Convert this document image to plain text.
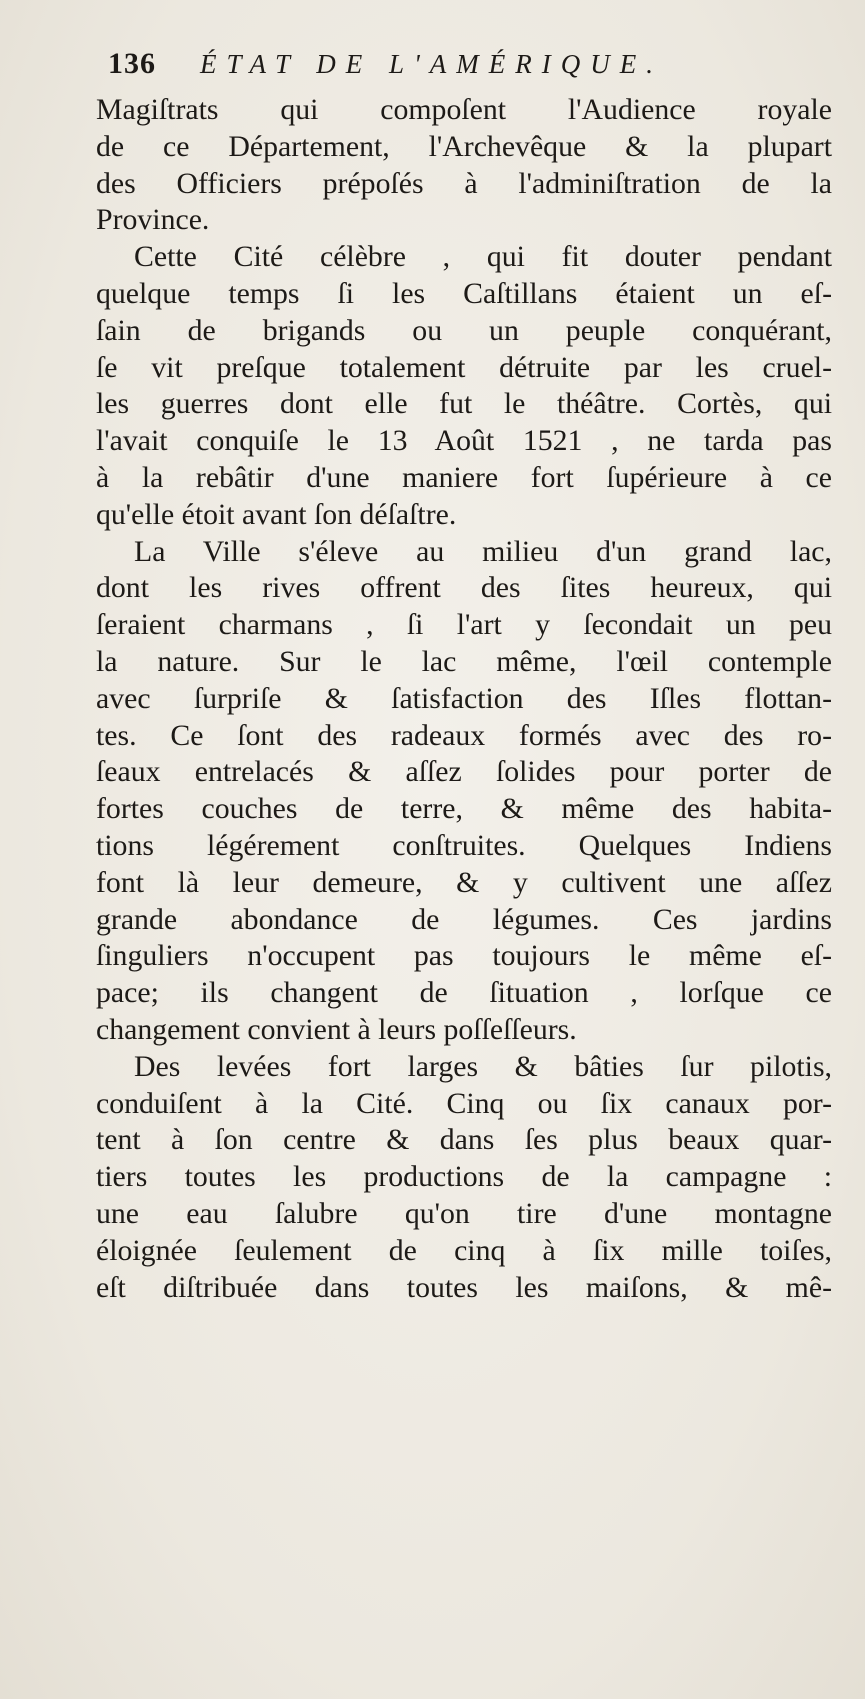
136 ÉTAT DE L'AMÉRIQUE.
Magiſtrats qui compoſent l'Audience royale
de ce Département, l'Archevêque & la plupart
des Officiers prépoſés à l'adminiſtration de la
Province.
Cette Cité célèbre , qui fit douter pendant
quelque temps ſi les Caſtillans étaient un eſ-
ſain de brigands ou un peuple conquérant,
ſe vit preſque totalement détruite par les cruel-
les guerres dont elle fut le théâtre. Cortès, qui
l'avait conquiſe le 13 Août 1521 , ne tarda pas
à la rebâtir d'une maniere fort ſupérieure à ce
qu'elle étoit avant ſon déſaſtre.
La Ville s'éleve au milieu d'un grand lac,
dont les rives offrent des ſites heureux, qui
ſeraient charmans , ſi l'art y ſecondait un peu
la nature. Sur le lac même, l'œil contemple
avec ſurpriſe & ſatisfaction des Iſles flottan-
tes. Ce ſont des radeaux formés avec des ro-
ſeaux entrelacés & aſſez ſolides pour porter de
fortes couches de terre, & même des habita-
tions légérement conſtruites. Quelques Indiens
font là leur demeure, & y cultivent une aſſez
grande abondance de légumes. Ces jardins
ſinguliers n'occupent pas toujours le même eſ-
pace; ils changent de ſituation , lorſque ce
changement convient à leurs poſſeſſeurs.
Des levées fort larges & bâties ſur pilotis,
conduiſent à la Cité. Cinq ou ſix canaux por-
tent à ſon centre & dans ſes plus beaux quar-
tiers toutes les productions de la campagne :
une eau ſalubre qu'on tire d'une montagne
éloignée ſeulement de cinq à ſix mille toiſes,
eſt diſtribuée dans toutes les maiſons, & mê-
